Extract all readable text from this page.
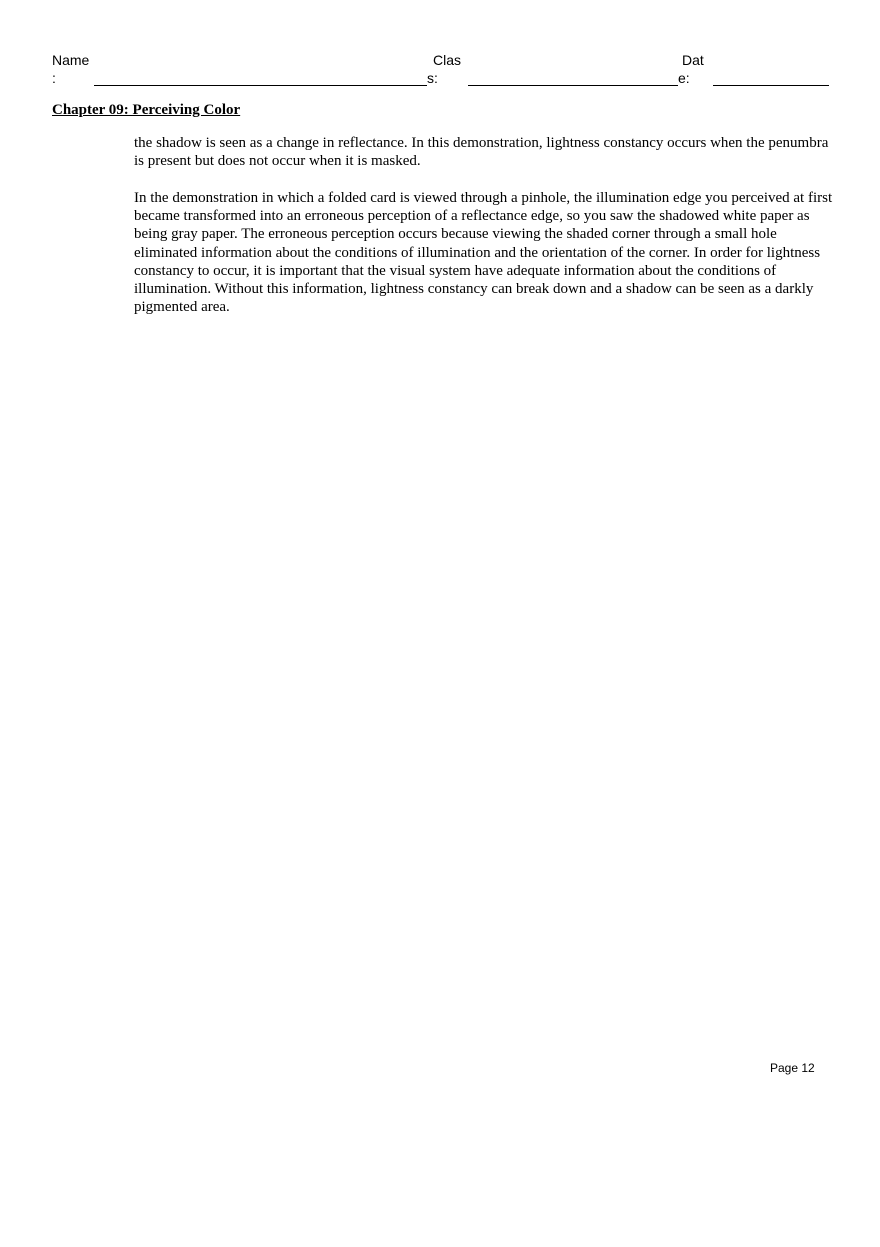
Name
:
Clas
s:
Dat
e:
Chapter 09: Perceiving Color

the shadow is seen as a change in reflectance. In this demonstration, lightness constancy occurs when the penumbra is present but does not occur when it is masked.

In the demonstration in which a folded card is viewed through a pinhole, the illumination edge you perceived at first became transformed into an erroneous perception of a reflectance edge, so you saw the shadowed white paper as being gray paper. The erroneous perception occurs because viewing the shaded corner through a small hole eliminated information about the conditions of illumination and the orientation of the corner. In order for lightness constancy to occur, it is important that the visual system have adequate information about the conditions of illumination. Without this information, lightness constancy can break down and a shadow can be seen as a darkly pigmented area.

Page 12
